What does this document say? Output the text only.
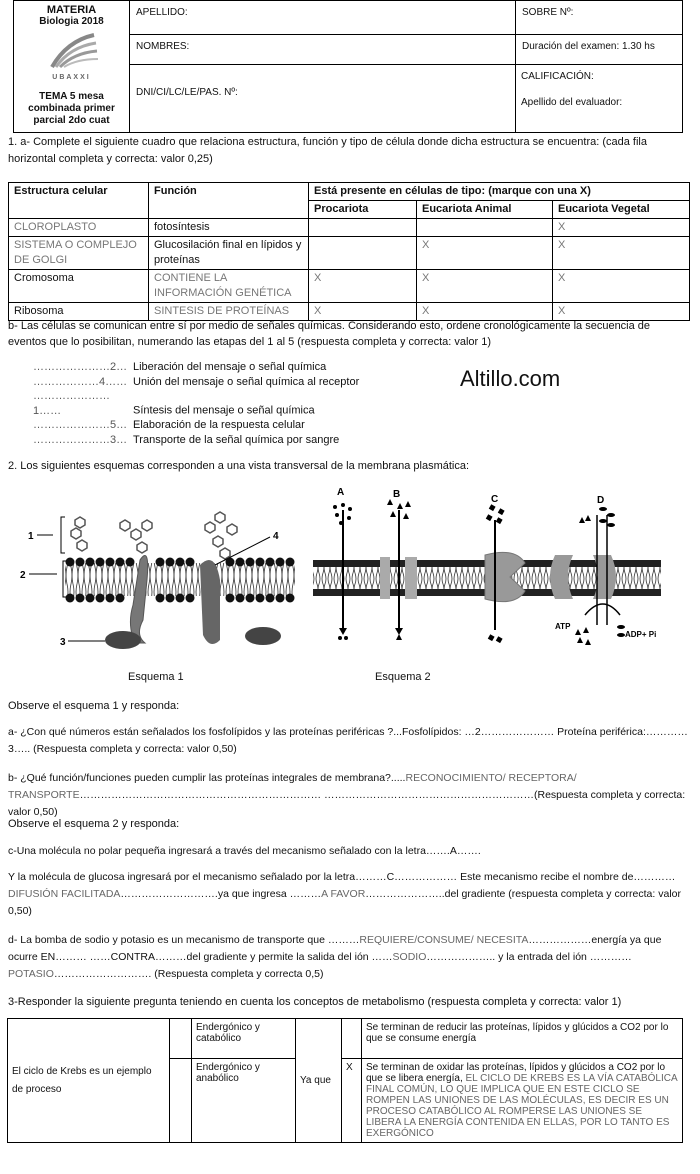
MATERIA
Biologia 2018
UBAXXI
TEMA 5 mesa combinada primer parcial 2do cuat
APELLIDO:
NOMBRES:
DNI/CI/LC/LE/PAS. Nº:
SOBRE Nº:
Duración del examen: 1.30 hs
CALIFICACIÓN:
Apellido del evaluador:
1. a- Complete el siguiente cuadro que relaciona estructura, función y tipo de célula donde dicha estructura se encuentra: (cada fila horizontal completa y correcta: valor 0,25)
Estructura celular	Función	Está presente en células de tipo: (marque con una X)		
		Procariota	Eucariota Animal	Eucariota Vegetal
CLOROPLASTO	fotosíntesis			X
SISTEMA O COMPLEJO DE GOLGI	Glucosilación final en lípidos y proteínas		X	X
Cromosoma	CONTIENE LA INFORMACIÓN GENÉTICA	X	X	X
Ribosoma	SINTESIS DE PROTEÍNAS	X	X	X
b- Las células se comunican entre sí por medio de señales químicas. Considerando esto, ordene cronológicamente la secuencia de eventos que lo posibilitan, numerando las etapas del 1 al 5 (respuesta completa y correcta: valor 1)
…………………2… Liberación del mensaje o señal química
………………4…… Unión del mensaje o señal química al receptor
…………………1……	Síntesis del mensaje o señal química
…………………5… Elaboración de la respuesta celular
…………………3… Transporte de la señal química por sangre
Altillo.com
2. Los siguientes esquemas corresponden a una vista transversal de la membrana plasmática:
1
2
3
4
A	B	C	D
ATP
ADP+ Pi
Esquema 1	Esquema 2
Observe el esquema 1 y responda:
a- ¿Con qué números están señalados los fosfolípidos y las proteínas periféricas ?...Fosfolípidos: …2………………… Proteína periférica:…………3….. (Respuesta completa y correcta: valor 0,50)
b- ¿Qué función/funciones pueden cumplir las proteínas integrales de membrana?.....RECONOCIMIENTO/ RECEPTORA/ TRANSPORTE…………………………………………………………… ……………………………………………………(Respuesta completa y correcta: valor 0,50)
Observe el esquema 2 y responda:
c-Una molécula no polar pequeña ingresará a través del mecanismo señalado con la letra…….A…….
Y la molécula de glucosa ingresará por el mecanismo señalado por la letra………C……………… Este mecanismo recibe el nombre de…………DIFUSIÓN FACILITADA……………………….ya que ingresa ………A FAVOR…………………..del gradiente (respuesta completa y correcta: valor 0,50)
d- La bomba de sodio y potasio es un mecanismo de transporte que ………REQUIERE/CONSUME/ NECESITA………………energía ya que ocurre EN……… ……CONTRA………del gradiente y permite la salida del ión ……SODIO……………….. y la entrada del ión …………POTASIO………………………. (Respuesta completa y correcta 0,5)
3-Responder la siguiente pregunta teniendo en cuenta los conceptos de metabolismo (respuesta completa y correcta: valor 1)
El ciclo de Krebs es un ejemplo de proceso		Endergónico y catabólico	Ya que		Se terminan de reducir las proteínas, lípidos y glúcidos a CO2 por lo que se consume energía
		Endergónico y anabólico		X	Se terminan de oxidar las proteínas, lípidos y glúcidos a CO2 por lo que se libera energía, EL CICLO DE KREBS ES LA VÍA CATABÓLICA FINAL COMÚN, LO QUE IMPLICA QUE EN ESTE CICLO SE ROMPEN LAS UNIONES DE LAS MOLÉCULAS, ES DECIR ES UN PROCESO CATABÓLICO AL ROMPERSE LAS UNIONES SE LIBERA LA ENERGÍA CONTENIDA EN ELLAS, POR LO TANTO ES EXERGÓNICO
